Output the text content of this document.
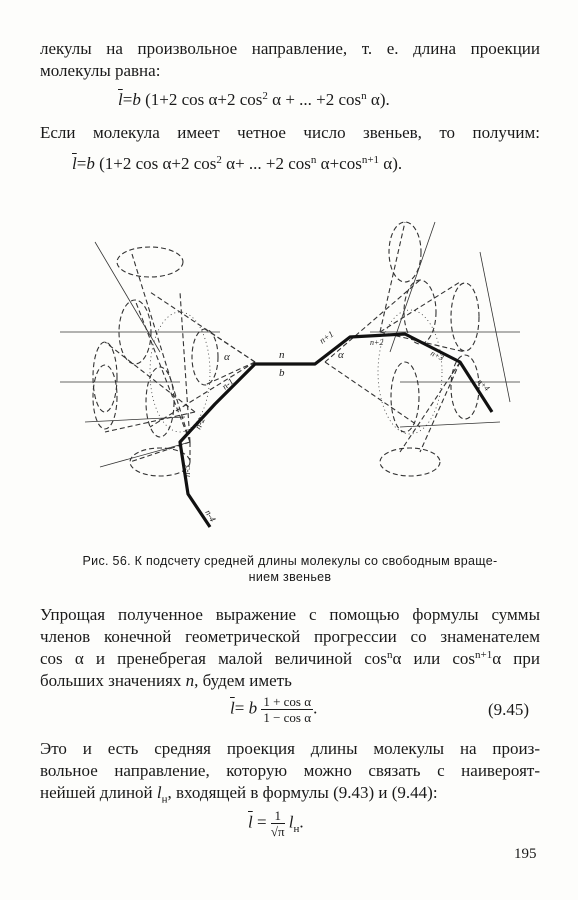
лекулы на произвольное направление, т. е. длина проекции
молекулы равна:
$\overline{l}=b$ (1+2 cos α+2 $\cos^2 \alpha$ + ... +2 $\cos^n \alpha$).
Если молекула имеет четное число звеньев, то получим:
$\overline{l}=b$ (1+2 cos α+2 $\cos^2 \alpha+$ ... +2 $\cos^n \alpha+\cos^{n+1}$ α).
n
b
α	α
n-1
n-2
n-3
n-4
n+1	n+2
n+3
n+4
Рис. 56. К подсчету средней длины молекулы со свободным враще-
нием звеньев
Упрощая полученное выражение с помощью формулы суммы
членов конечной геометрической прогрессии со знаменателем
cos α и пренебрегая малой величиной $\cos^n\alpha$ или $\cos^{n+1}\alpha$ при
больших значениях n, будем иметь
$\overline{l}= b \frac{\text{1 + cos α}}{\text{1 − cos α}}$ .	(9.45)
Это и есть средняя проекция длины молекулы на произ-
вольное направление, которую можно связать с наивероят-
нейшей длиной $l_н$, входящей в формулы (9.43) и (9.44):
$\overline{l} = \frac{1}{√\pi} l_н$.
195
